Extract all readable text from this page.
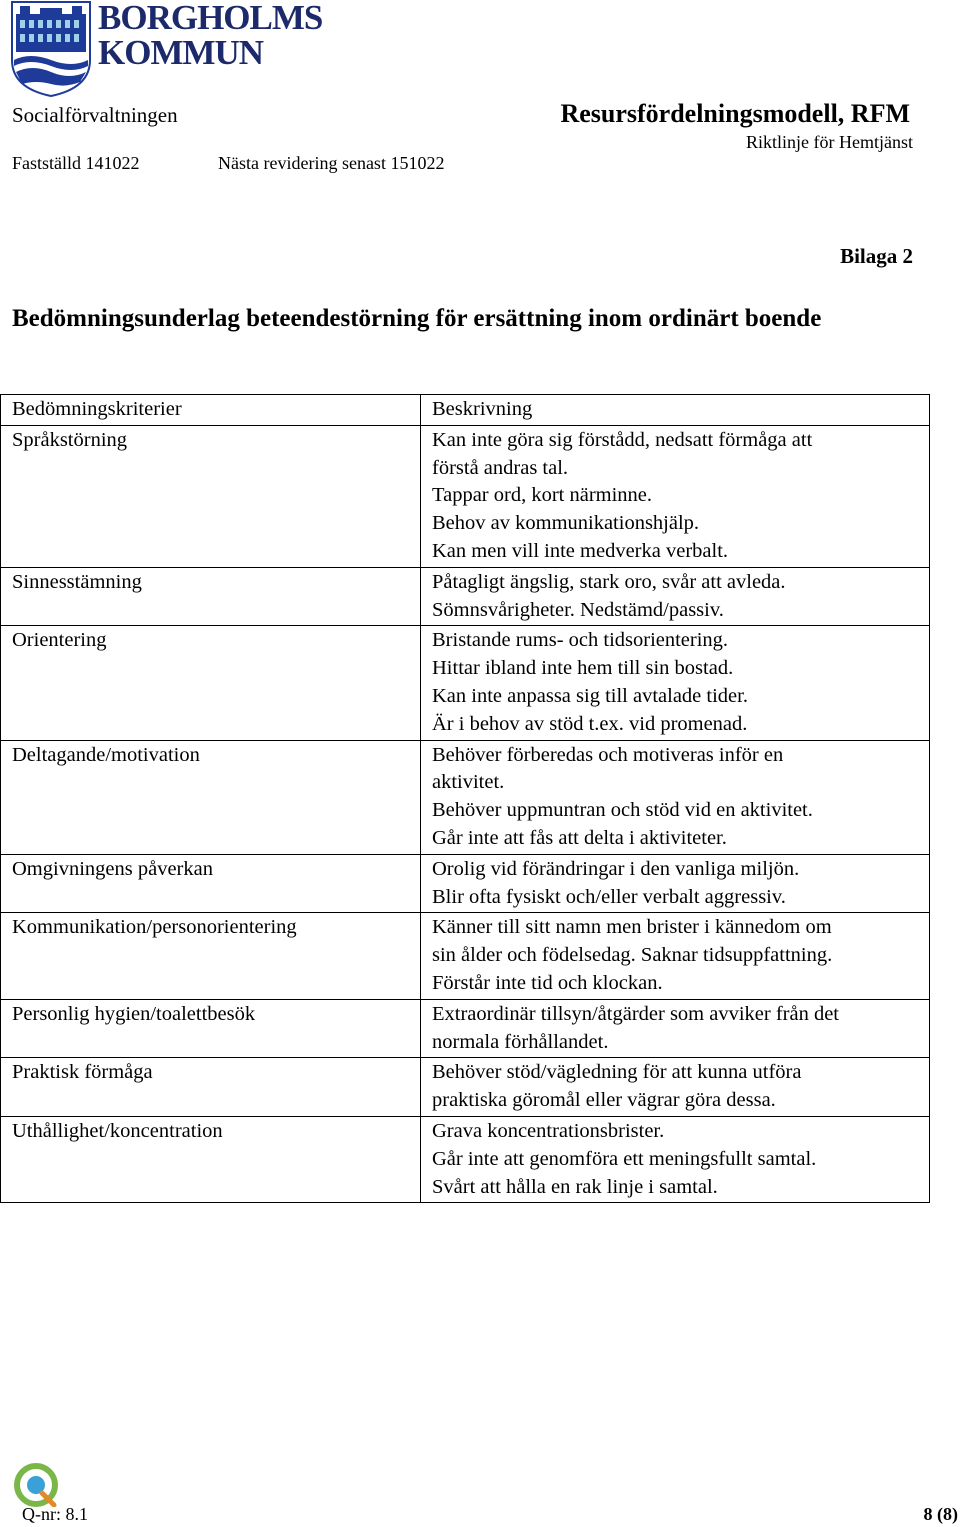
BORGHOLMS
KOMMUN
Socialförvaltningen	Resursfördelningsmodell, RFM
Riktlinje för Hemtjänst
Fastställd 141022	Nästa revidering senast 151022
Bilaga 2
Bedömningsunderlag beteendestörning för ersättning inom ordinärt boende
Bedömningskriterier	Beskrivning

Språkstörning	Kan inte göra sig förstådd, nedsatt förmåga att
förstå andras tal.
Tappar ord, kort närminne.
Behov av kommunikationshjälp.
Kan men vill inte medverka verbalt.

Sinnesstämning	Påtagligt ängslig, stark oro, svår att avleda.
Sömnsvårigheter. Nedstämd/passiv.

Orientering	Bristande rums- och tidsorientering.
Hittar ibland inte hem till sin bostad.
Kan inte anpassa sig till avtalade tider.
Är i behov av stöd t.ex. vid promenad.

Deltagande/motivation	Behöver förberedas och motiveras inför en
aktivitet.
Behöver uppmuntran och stöd vid en aktivitet.
Går inte att fås att delta i aktiviteter.

Omgivningens påverkan	Orolig vid förändringar i den vanliga miljön.
Blir ofta fysiskt och/eller verbalt aggressiv.

Kommunikation/personorientering	Känner till sitt namn men brister i kännedom om
sin ålder och födelsedag. Saknar tidsuppfattning.
Förstår inte tid och klockan.

Personlig hygien/toalettbesök	Extraordinär tillsyn/åtgärder som avviker från det
normala förhållandet.

Praktisk förmåga	Behöver stöd/vägledning för att kunna utföra
praktiska göromål eller vägrar göra dessa.

Uthållighet/koncentration	Grava koncentrationsbrister.
Går inte att genomföra ett meningsfullt samtal.
Svårt att hålla en rak linje i samtal.
Q-nr: 8.1	8 (8)
